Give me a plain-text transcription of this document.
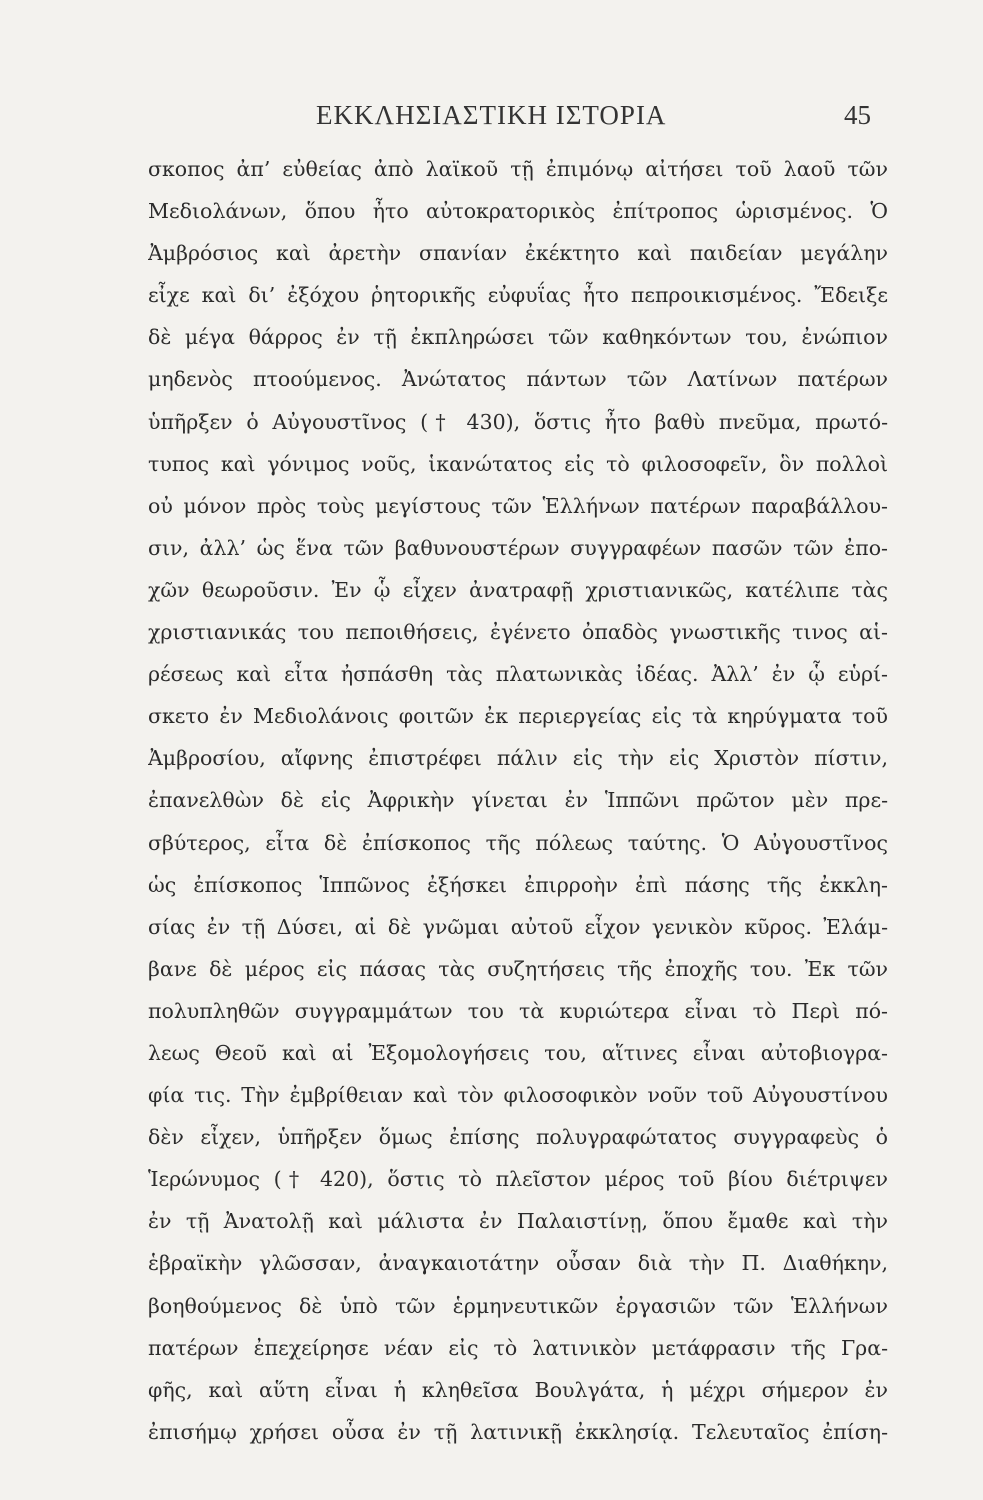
ΕΚΚΛΗΣΙΑΣΤΙΚΗ ΙΣΤΟΡΙΑ	45
σκοπος ἀπ’ εὐθείας ἀπὸ λαϊκοῦ τῇ ἐπιμόνῳ αἰτήσει τοῦ λαοῦ τῶν
Μεδιολάνων, ὅπου ἦτο αὐτοκρατορικὸς ἐπίτροπος ὡρισμένος. Ὁ
Ἀμβρόσιος καὶ ἀρετὴν σπανίαν ἐκέκτητο καὶ παιδείαν μεγάλην
εἶχε καὶ δι’ ἐξόχου ῥητορικῆς εὐφυΐας ἦτο πεπροικισμένος. Ἔδειξε
δὲ μέγα θάρρος ἐν τῇ ἐκπληρώσει τῶν καθηκόντων του, ἐνώπιον
μηδενὸς πτοούμενος. Ἀνώτατος πάντων τῶν Λατίνων πατέρων
ὑπῆρξεν ὁ Αὐγουστῖνος († 430), ὅστις ἦτο βαθὺ πνεῦμα, πρωτό-
τυπος καὶ γόνιμος νοῦς, ἱκανώτατος εἰς τὸ φιλοσοφεῖν, ὃν πολλοὶ
οὐ μόνον πρὸς τοὺς μεγίστους τῶν Ἑλλήνων πατέρων παραβάλλου-
σιν, ἀλλ’ ὡς ἕνα τῶν βαθυνουστέρων συγγραφέων πασῶν τῶν ἐπο-
χῶν θεωροῦσιν. Ἐν ᾧ εἶχεν ἀνατραφῇ χριστιανικῶς, κατέλιπε τὰς
χριστιανικάς του πεποιθήσεις, ἐγένετο ὀπαδὸς γνωστικῆς τινος αἱ-
ρέσεως καὶ εἶτα ἠσπάσθη τὰς πλατωνικὰς ἰδέας. Ἀλλ’ ἐν ᾧ εὑρί-
σκετο ἐν Μεδιολάνοις φοιτῶν ἐκ περιεργείας εἰς τὰ κηρύγματα τοῦ
Ἀμβροσίου, αἴφνης ἐπιστρέφει πάλιν εἰς τὴν εἰς Χριστὸν πίστιν,
ἐπανελθὼν δὲ εἰς Ἀφρικὴν γίνεται ἐν Ἱππῶνι πρῶτον μὲν πρε-
σβύτερος, εἶτα δὲ ἐπίσκοπος τῆς πόλεως ταύτης. Ὁ Αὐγουστῖνος
ὡς ἐπίσκοπος Ἱππῶνος ἐξήσκει ἐπιρροὴν ἐπὶ πάσης τῆς ἐκκλη-
σίας ἐν τῇ Δύσει, αἱ δὲ γνῶμαι αὐτοῦ εἶχον γενικὸν κῦρος. Ἐλάμ-
βανε δὲ μέρος εἰς πάσας τὰς συζητήσεις τῆς ἐποχῆς του. Ἐκ τῶν
πολυπληθῶν συγγραμμάτων του τὰ κυριώτερα εἶναι τὸ Περὶ πό-
λεως Θεοῦ καὶ αἱ Ἐξομολογήσεις του, αἵτινες εἶναι αὐτοβιογρα-
φία τις. Τὴν ἐμβρίθειαν καὶ τὸν φιλοσοφικὸν νοῦν τοῦ Αὐγουστίνου
δὲν εἶχεν, ὑπῆρξεν ὅμως ἐπίσης πολυγραφώτατος συγγραφεὺς ὁ
Ἱερώνυμος († 420), ὅστις τὸ πλεῖστον μέρος τοῦ βίου διέτριψεν
ἐν τῇ Ἀνατολῇ καὶ μάλιστα ἐν Παλαιστίνῃ, ὅπου ἔμαθε καὶ τὴν
ἑβραϊκὴν γλῶσσαν, ἀναγκαιοτάτην οὖσαν διὰ τὴν Π. Διαθήκην,
βοηθούμενος δὲ ὑπὸ τῶν ἑρμηνευτικῶν ἐργασιῶν τῶν Ἑλλήνων
πατέρων ἐπεχείρησε νέαν εἰς τὸ λατινικὸν μετάφρασιν τῆς Γρα-
φῆς, καὶ αὕτη εἶναι ἡ κληθεῖσα Βουλγάτα, ἡ μέχρι σήμερον ἐν
ἐπισήμῳ χρήσει οὖσα ἐν τῇ λατινικῇ ἐκκλησίᾳ. Τελευταῖος ἐπίση-
